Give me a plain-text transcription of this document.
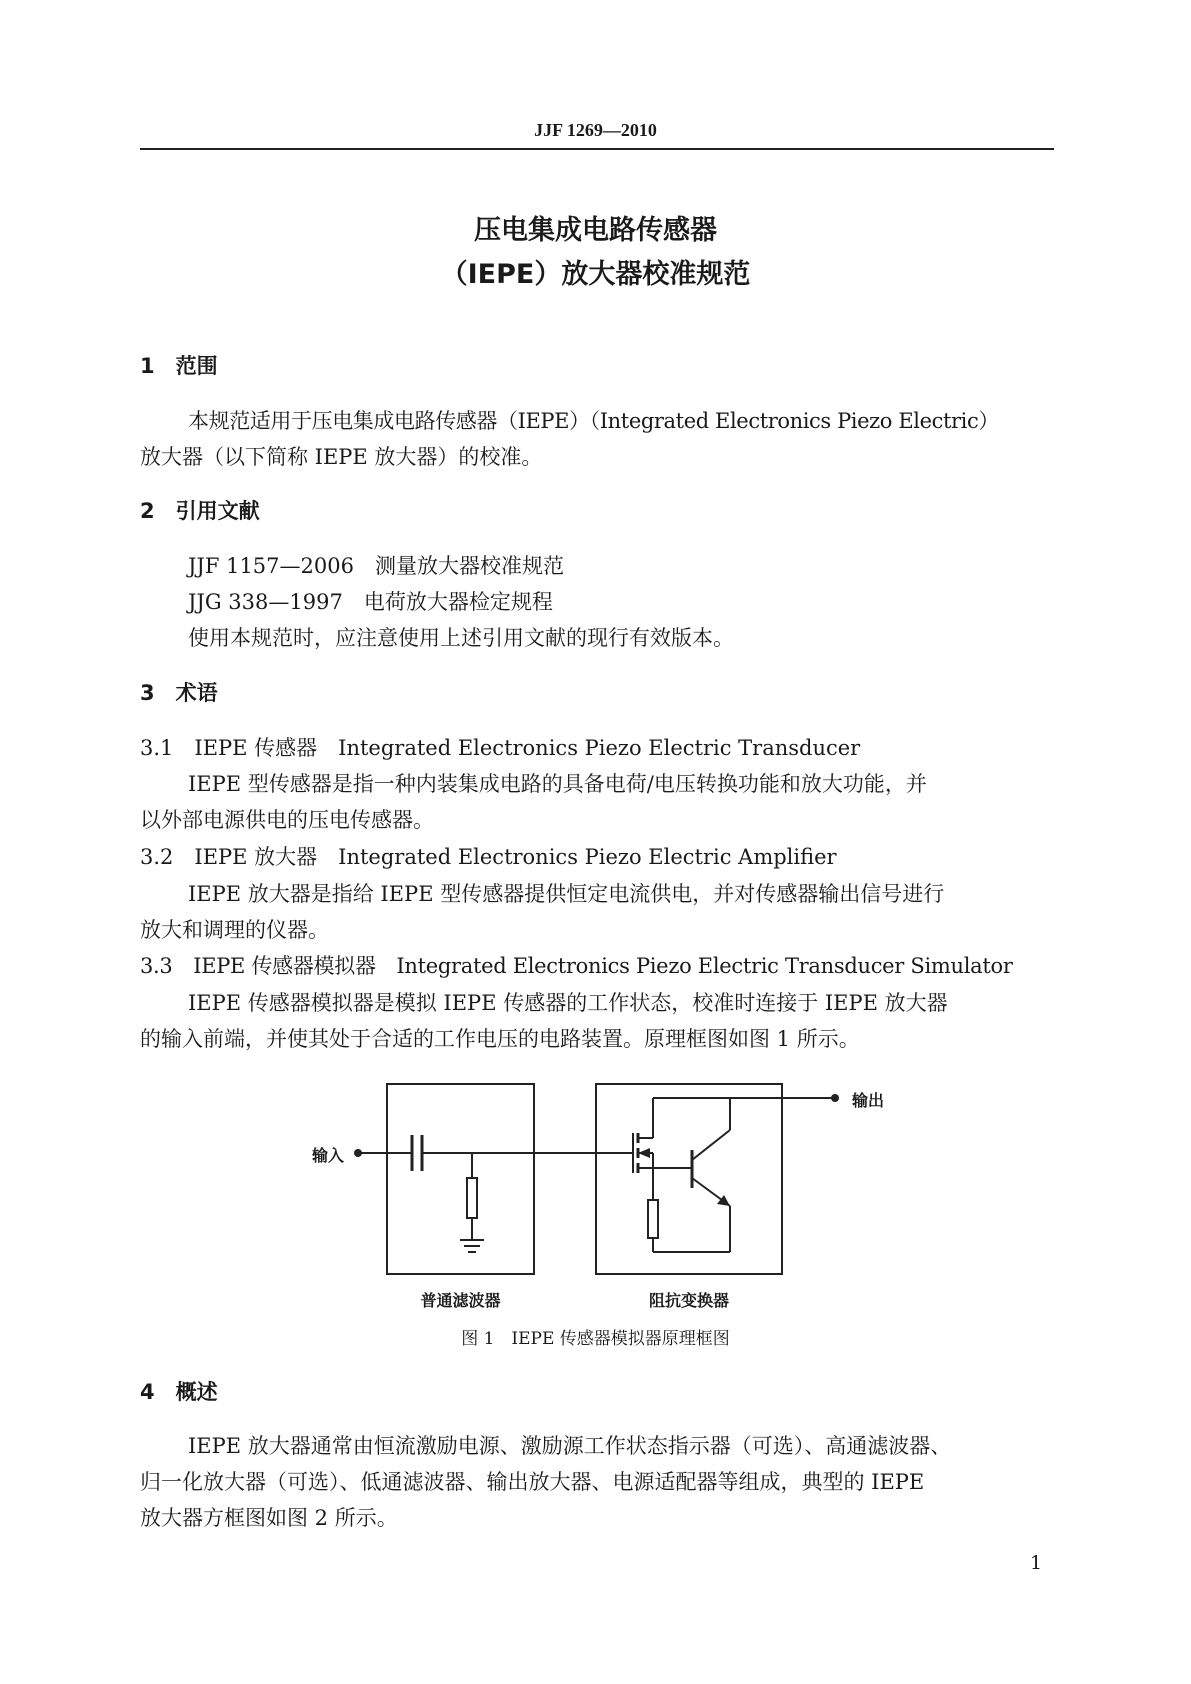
JJF 1269—2010
压电集成电路传感器
（IEPE）放大器校准规范
1　范围
本规范适用于压电集成电路传感器（IEPE）（Integrated Electronics Piezo Electric）
放大器（以下简称 IEPE 放大器）的校准。
2　引用文献
JJF 1157—2006　测量放大器校准规范
JJG 338—1997　电荷放大器检定规程
使用本规范时，应注意使用上述引用文献的现行有效版本。
3　术语
3.1　IEPE 传感器　Integrated Electronics Piezo Electric Transducer
IEPE 型传感器是指一种内装集成电路的具备电荷/电压转换功能和放大功能，并
以外部电源供电的压电传感器。
3.2　IEPE 放大器　Integrated Electronics Piezo Electric Amplifier
IEPE 放大器是指给 IEPE 型传感器提供恒定电流供电，并对传感器输出信号进行
放大和调理的仪器。
3.3　IEPE 传感器模拟器　Integrated Electronics Piezo Electric Transducer Simulator
IEPE 传感器模拟器是模拟 IEPE 传感器的工作状态，校准时连接于 IEPE 放大器
的输入前端，并使其处于合适的工作电压的电路装置。原理框图如图 1 所示。
输入
输出
普通滤波器	阻抗变换器
图 1　IEPE 传感器模拟器原理框图
4　概述
IEPE 放大器通常由恒流激励电源、激励源工作状态指示器（可选）、高通滤波器、
归一化放大器（可选）、低通滤波器、输出放大器、电源适配器等组成，典型的 IEPE
放大器方框图如图 2 所示。
1
